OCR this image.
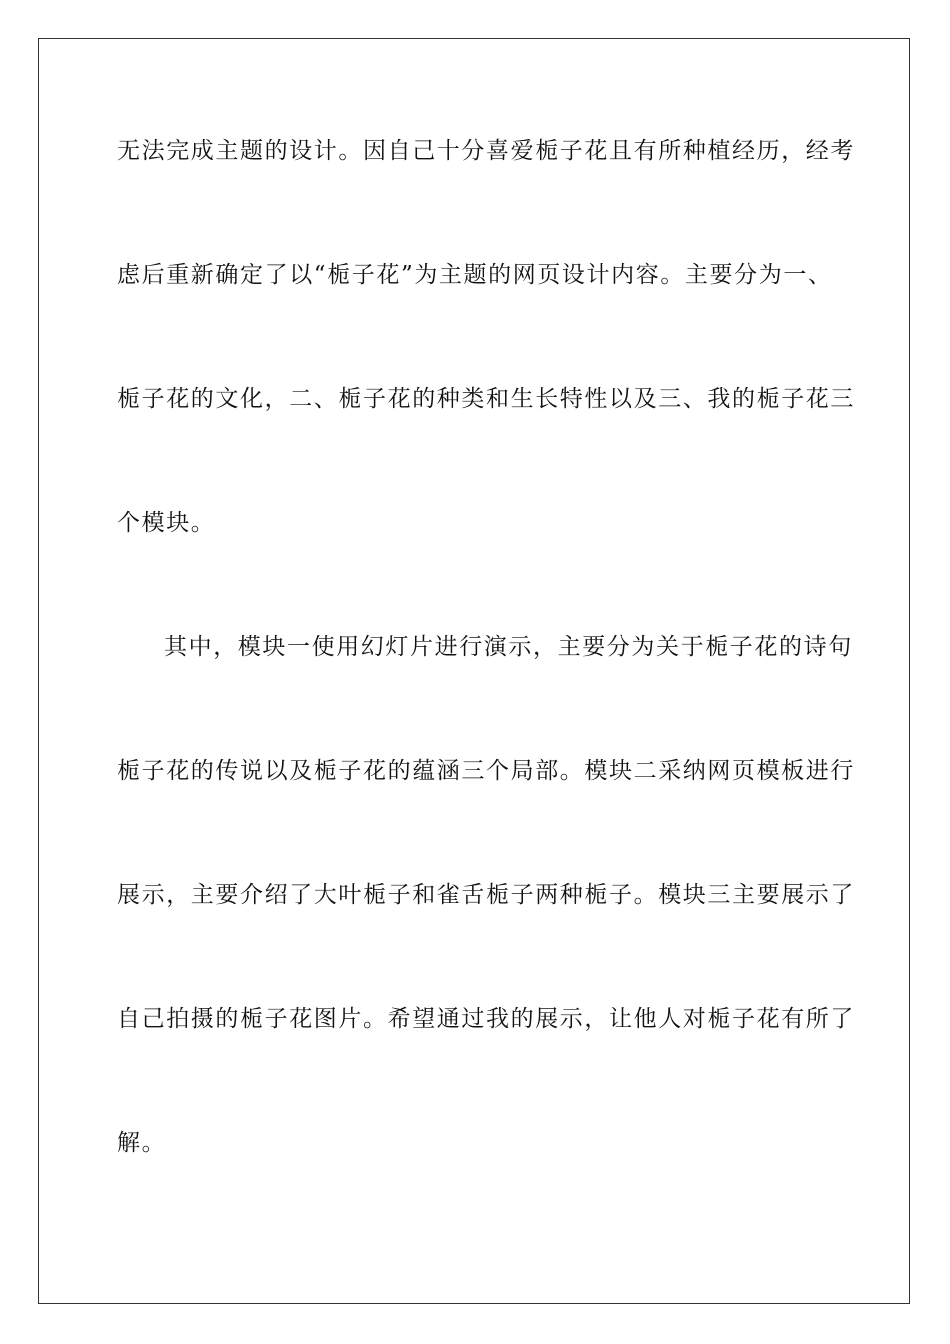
无法完成主题的设计。因自己十分喜爱栀子花且有所种植经历，经考

虑后重新确定了以“栀子花”为主题的网页设计内容。主要分为一、

栀子花的文化，二、栀子花的种类和生长特性以及三、我的栀子花三

个模块。

其中，模块一使用幻灯片进行演示，主要分为关于栀子花的诗句

栀子花的传说以及栀子花的蕴涵三个局部。模块二采纳网页模板进行

展示，主要介绍了大叶栀子和雀舌栀子两种栀子。模块三主要展示了

自己拍摄的栀子花图片。希望通过我的展示，让他人对栀子花有所了

解。
